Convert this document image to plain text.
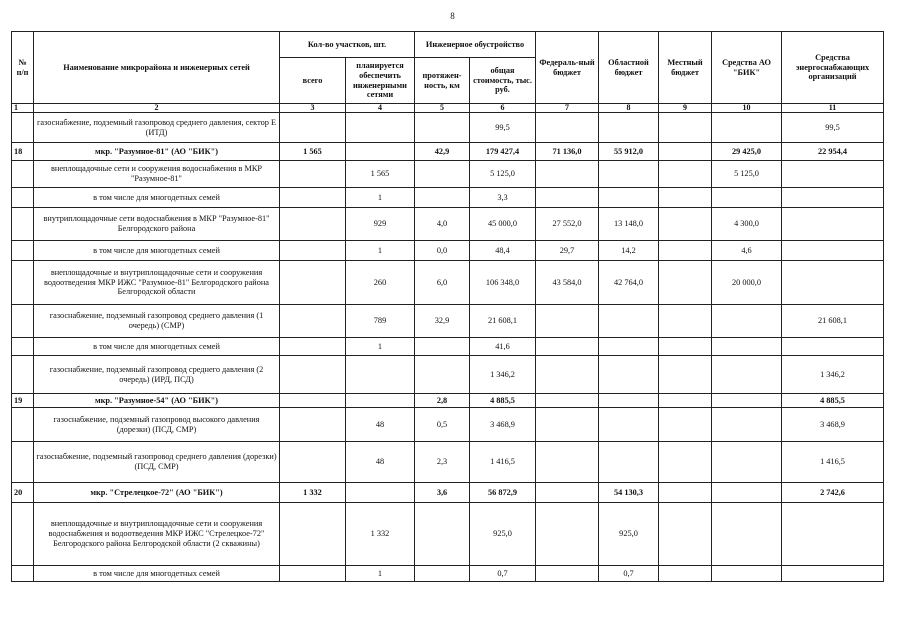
8
№ п/п	Наименование микрорайона и инженерных сетей	Кол-во участков, шт.		Инженерное обустройство		Федераль-ный бюджет	Областной бюджет	Местный бюджет	Средства АО "БИК"	Средства энергоснабжающих организаций
		всего	планируется обеспечить инженерными сетями	протяжен-ность, км	общая стоимость, тыс. руб.					
1	2	3	4	5	6	7	8	9	10	11
	газоснабжение, подземный газопровод среднего давления, сектор Е (ИТД)				99,5					99,5
18	мкр. "Разумное-81" (АО "БИК")	1 565		42,9	179 427,4	71 136,0	55 912,0		29 425,0	22 954,4
	внеплощадочные сети и сооружения водоснабжения в МКР "Разумное-81"		1 565		5 125,0				5 125,0	
	в том числе для многодетных семей		1		3,3					
	внутриплощадочные сети водоснабжения в МКР "Разумное-81" Белгородского района		929	4,0	45 000,0	27 552,0	13 148,0		4 300,0	
	в том числе для многодетных семей		1	0,0	48,4	29,7	14,2		4,6	
	внеплощадочные и внутриплощадочные сети и сооружения водоотведения МКР ИЖС "Разумное-81" Белгородского района Белгородской области		260	6,0	106 348,0	43 584,0	42 764,0		20 000,0	
	газоснабжение, подземный газопровод среднего давления (1 очередь) (СМР)		789	32,9	21 608,1					21 608,1
	в том числе для многодетных семей		1		41,6					
	газоснабжение, подземный газопровод среднего давления (2 очередь) (ИРД, ПСД)				1 346,2					1 346,2
19	мкр. "Разумное-54" (АО "БИК")			2,8	4 885,5					4 885,5
	газоснабжение, подземный газопровод высокого давления (дорезки) (ПСД, СМР)		48	0,5	3 468,9					3 468,9
	газоснабжение, подземный газопровод среднего давления (дорезки) (ПСД, СМР)		48	2,3	1 416,5					1 416,5
20	мкр. "Стрелецкое-72" (АО "БИК")	1 332		3,6	56 872,9		54 130,3			2 742,6
	внеплощадочные и внутриплощадочные сети и сооружения водоснабжения и водоотведения МКР ИЖС "Стрелецкое-72" Белгородского района Белгородской области (2 скважины)		1 332		925,0		925,0			
	в том числе для многодетных семей		1		0,7		0,7			
